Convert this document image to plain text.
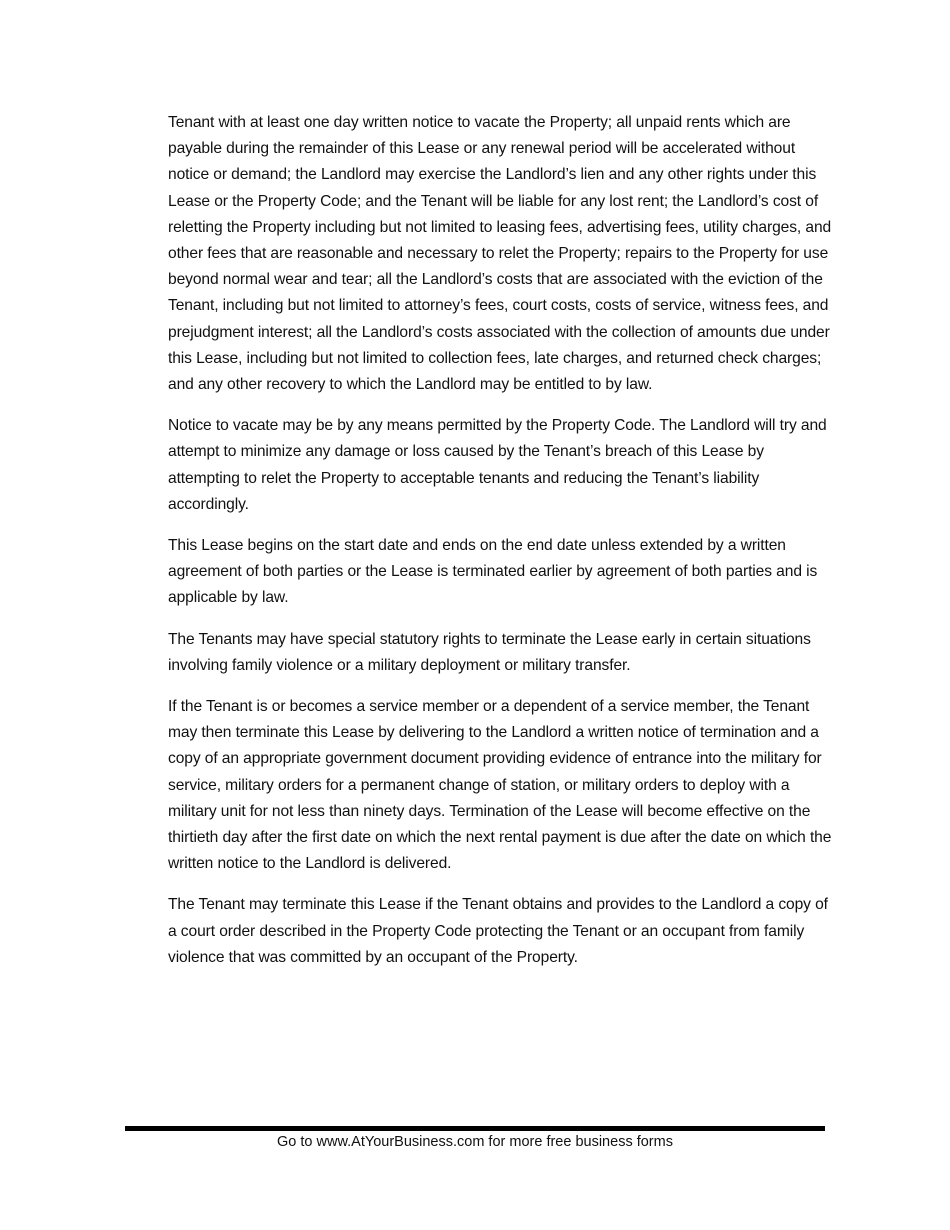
Tenant with at least one day written notice to vacate the Property; all unpaid rents which are payable during the remainder of this Lease or any renewal period will be accelerated without notice or demand; the Landlord may exercise the Landlord’s lien and any other rights under this Lease or the Property Code; and the Tenant will be liable for any lost rent; the Landlord’s cost of reletting the Property including but not limited to leasing fees, advertising fees, utility charges, and other fees that are reasonable and necessary to relet the Property; repairs to the Property for use beyond normal wear and tear; all the Landlord’s costs that are associated with the eviction of the Tenant, including but not limited to attorney’s fees, court costs, costs of service, witness fees, and prejudgment interest; all the Landlord’s costs associated with the collection of amounts due under this Lease, including but not limited to collection fees, late charges, and returned check charges; and any other recovery to which the Landlord may be entitled to by law.

Notice to vacate may be by any means permitted by the Property Code. The Landlord will try and attempt to minimize any damage or loss caused by the Tenant’s breach of this Lease by attempting to relet the Property to acceptable tenants and reducing the Tenant’s liability accordingly.

This Lease begins on the start date and ends on the end date unless extended by a written agreement of both parties or the Lease is terminated earlier by agreement of both parties and is applicable by law.

The Tenants may have special statutory rights to terminate the Lease early in certain situations involving family violence or a military deployment or military transfer.

If the Tenant is or becomes a service member or a dependent of a service member, the Tenant may then terminate this Lease by delivering to the Landlord a written notice of termination and a copy of an appropriate government document providing evidence of entrance into the military for service, military orders for a permanent change of station, or military orders to deploy with a military unit for not less than ninety days. Termination of the Lease will become effective on the thirtieth day after the first date on which the next rental payment is due after the date on which the written notice to the Landlord is delivered.

The Tenant may terminate this Lease if the Tenant obtains and provides to the Landlord a copy of a court order described in the Property Code protecting the Tenant or an occupant from family violence that was committed by an occupant of the Property.

Go to www.AtYourBusiness.com for more free business forms
